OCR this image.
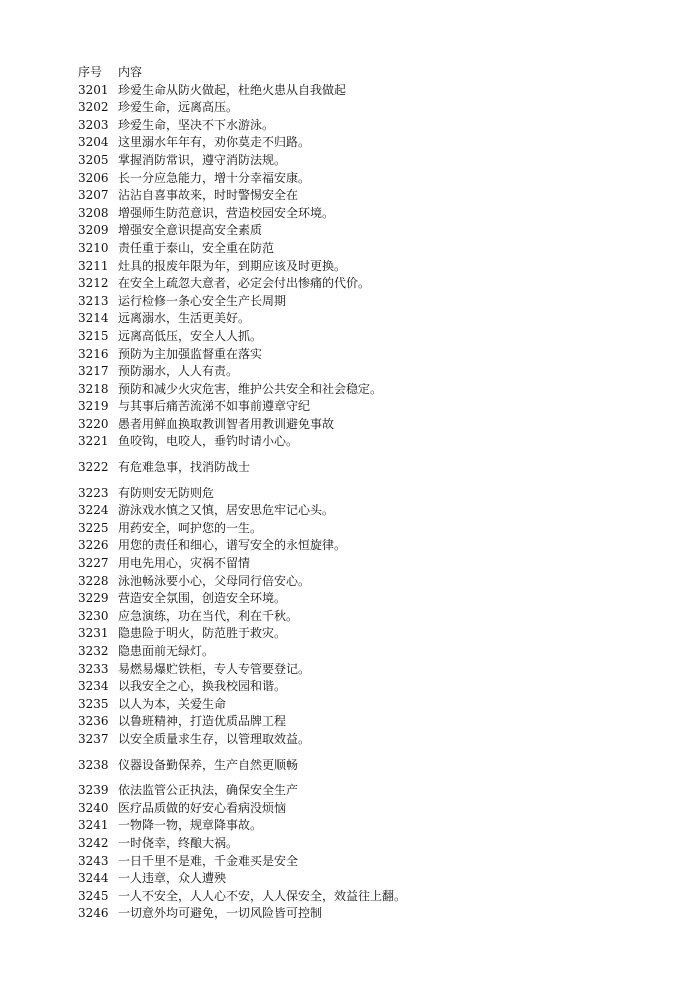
序号	内容
3201 珍爱生命从防火做起，杜绝火患从自我做起
3202 珍爱生命，远离高压。
3203 珍爱生命，坚决不下水游泳。
3204 这里溺水年年有，劝你莫走不归路。
3205 掌握消防常识，遵守消防法规。
3206 长一分应急能力，增十分幸福安康。
3207 沾沾自喜事故来，时时警惕安全在
3208 增强师生防范意识，营造校园安全环境。
3209 增强安全意识提高安全素质
3210 责任重于泰山，安全重在防范
3211 灶具的报废年限为年，到期应该及时更换。
3212 在安全上疏忽大意者，必定会付出惨痛的代价。
3213 运行检修一条心安全生产长周期
3214 远离溺水，生活更美好。
3215 远离高低压，安全人人抓。
3216 预防为主加强监督重在落实
3217 预防溺水，人人有责。
3218 预防和减少火灾危害，维护公共安全和社会稳定。
3219 与其事后痛苦流涕不如事前遵章守纪
3220 愚者用鲜血换取教训智者用教训避免事故
3221 鱼咬钩，电咬人，垂钓时请小心。
3222 有危难急事，找消防战士
3223 有防则安无防则危
3224 游泳戏水慎之又慎，居安思危牢记心头。
3225 用药安全，呵护您的一生。
3226 用您的责任和细心，谱写安全的永恒旋律。
3227 用电先用心，灾祸不留情
3228 泳池畅泳要小心，父母同行倍安心。
3229 营造安全氛围，创造安全环境。
3230 应急演练，功在当代，利在千秋。
3231 隐患险于明火，防范胜于救灾。
3232 隐患面前无绿灯。
3233 易燃易爆贮铁柜，专人专管要登记。
3234 以我安全之心，换我校园和谐。
3235 以人为本，关爱生命
3236 以鲁班精神，打造优质品牌工程
3237 以安全质量求生存，以管理取效益。
3238 仪器设备勤保养，生产自然更顺畅
3239 依法监管公正执法，确保安全生产
3240 医疗品质做的好安心看病没烦恼
3241 一物降一物，规章降事故。
3242 一时侥幸，终酿大祸。
3243 一日千里不是难，千金难买是安全
3244 一人违章，众人遭殃
3245 一人不安全，人人心不安，人人保安全，效益往上翻。
3246 一切意外均可避免，一切风险皆可控制
